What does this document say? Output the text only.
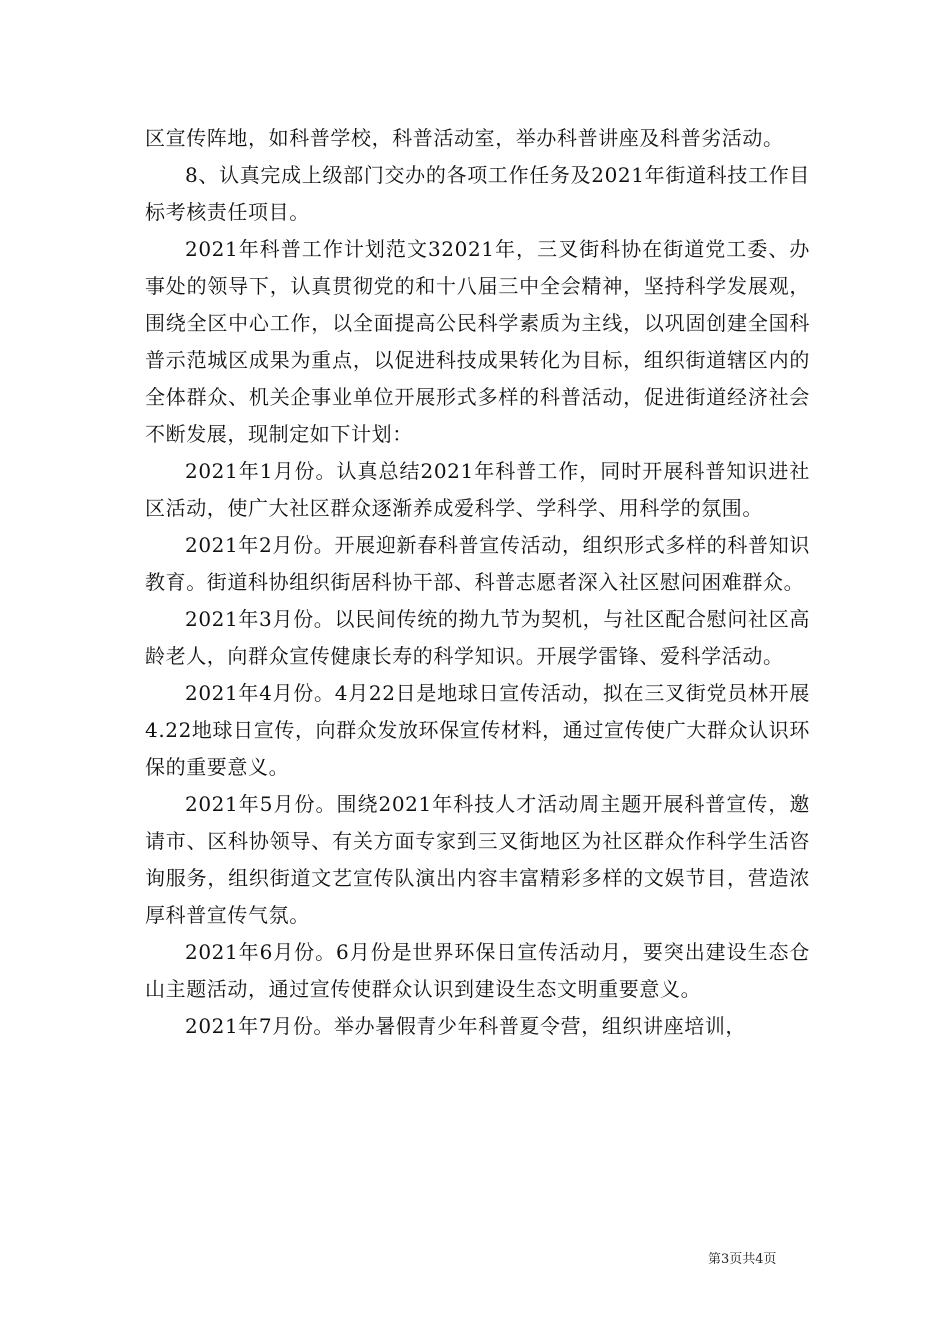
区宣传阵地，如科普学校，科普活动室，举办科普讲座及科普劣活动。

8、认真完成上级部门交办的各项工作任务及2021年街道科技工作目标考核责任项目。

2021年科普工作计划范文32021年，三叉街科协在街道党工委、办事处的领导下，认真贯彻党的和十八届三中全会精神，坚持科学发展观，围绕全区中心工作，以全面提高公民科学素质为主线，以巩固创建全国科普示范城区成果为重点，以促进科技成果转化为目标，组织街道辖区内的全体群众、机关企事业单位开展形式多样的科普活动，促进街道经济社会不断发展，现制定如下计划：

2021年1月份。认真总结2021年科普工作，同时开展科普知识进社区活动，使广大社区群众逐渐养成爱科学、学科学、用科学的氛围。

2021年2月份。开展迎新春科普宣传活动，组织形式多样的科普知识教育。街道科协组织街居科协干部、科普志愿者深入社区慰问困难群众。

2021年3月份。以民间传统的拗九节为契机，与社区配合慰问社区高龄老人，向群众宣传健康长寿的科学知识。开展学雷锋、爱科学活动。

2021年4月份。4月22日是地球日宣传活动，拟在三叉街党员林开展4.22地球日宣传，向群众发放环保宣传材料，通过宣传使广大群众认识环保的重要意义。

2021年5月份。围绕2021年科技人才活动周主题开展科普宣传，邀请市、区科协领导、有关方面专家到三叉街地区为社区群众作科学生活咨询服务，组织街道文艺宣传队演出内容丰富精彩多样的文娱节目，营造浓厚科普宣传气氛。

2021年6月份。6月份是世界环保日宣传活动月，要突出建设生态仓山主题活动，通过宣传使群众认识到建设生态文明重要意义。

2021年7月份。举办暑假青少年科普夏令营，组织讲座培训，

第3页共4页
